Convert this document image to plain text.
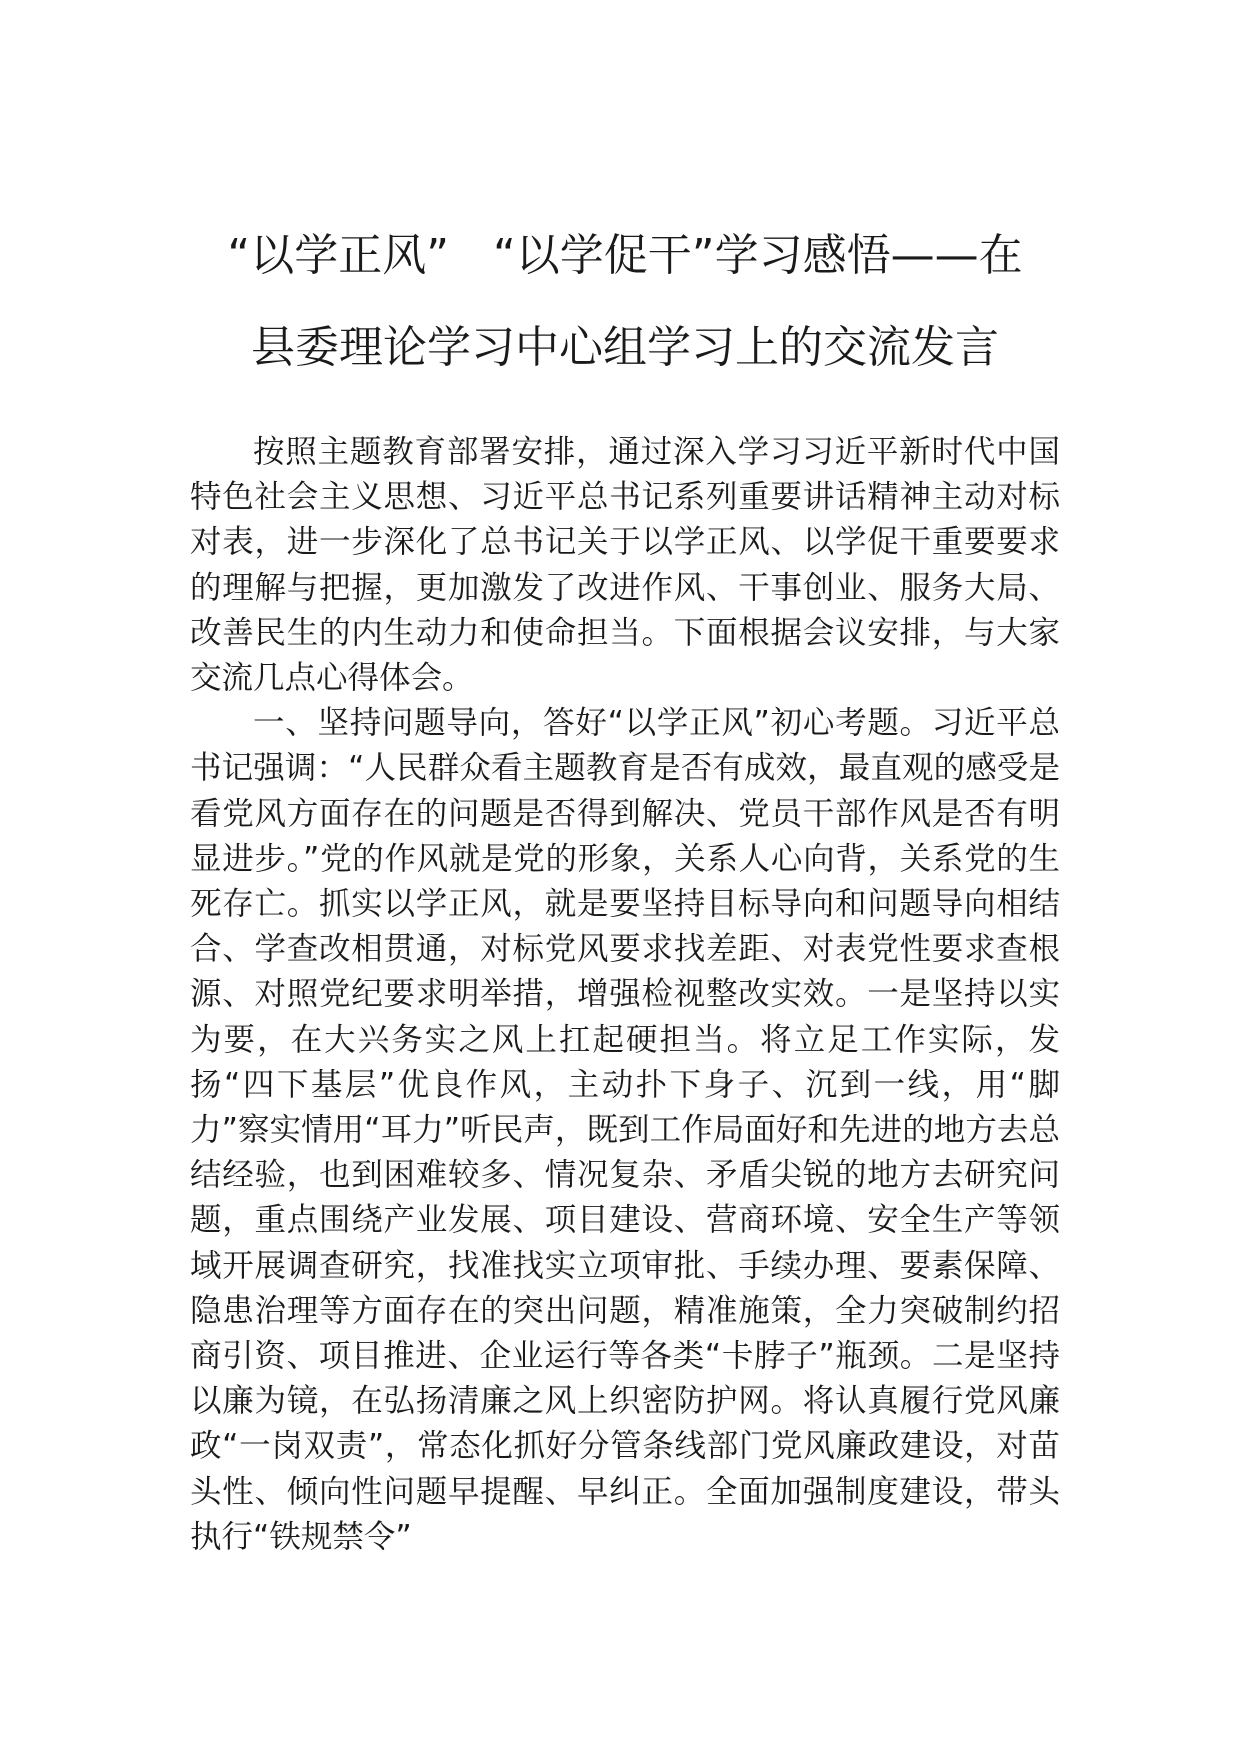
“以学正风”　“以学促干”学习感悟——在
县委理论学习中心组学习上的交流发言

按照主题教育部署安排，通过深入学习习近平新时代中国特色社会主义思想、习近平总书记系列重要讲话精神主动对标对表，进一步深化了总书记关于以学正风、以学促干重要要求的理解与把握，更加激发了改进作风、干事创业、服务大局、改善民生的内生动力和使命担当。下面根据会议安排，与大家交流几点心得体会。

一、坚持问题导向，答好“以学正风”初心考题。习近平总书记强调：“人民群众看主题教育是否有成效，最直观的感受是看党风方面存在的问题是否得到解决、党员干部作风是否有明显进步。”党的作风就是党的形象，关系人心向背，关系党的生死存亡。抓实以学正风，就是要坚持目标导向和问题导向相结合、学查改相贯通，对标党风要求找差距、对表党性要求查根源、对照党纪要求明举措，增强检视整改实效。一是坚持以实为要，在大兴务实之风上扛起硬担当。将立足工作实际，发扬“四下基层”优良作风，主动扑下身子、沉到一线，用“脚力”察实情用“耳力”听民声，既到工作局面好和先进的地方去总结经验，也到困难较多、情况复杂、矛盾尖锐的地方去研究问题，重点围绕产业发展、项目建设、营商环境、安全生产等领域开展调查研究，找准找实立项审批、手续办理、要素保障、隐患治理等方面存在的突出问题，精准施策，全力突破制约招商引资、项目推进、企业运行等各类“卡脖子”瓶颈。二是坚持以廉为镜，在弘扬清廉之风上织密防护网。将认真履行党风廉政“一岗双责”，常态化抓好分管条线部门党风廉政建设，对苗头性、倾向性问题早提醒、早纠正。全面加强制度建设，带头执行“铁规禁令”
